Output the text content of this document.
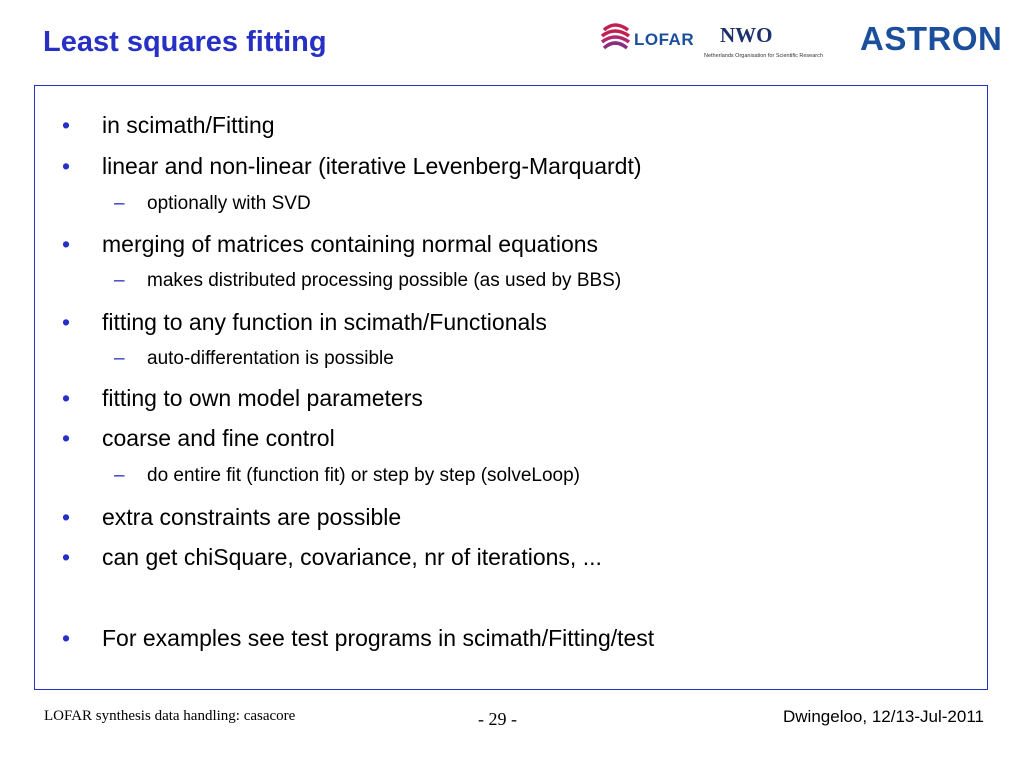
Least squares fitting	LOFAR NWO
Netherlands Organisation for Scientific Research ASTRON
• in scimath/Fitting
• linear and non-linear (iterative Levenberg-Marquardt)
– optionally with SVD
• merging of matrices containing normal equations
– makes distributed processing possible (as used by BBS)
• fitting to any function in scimath/Functionals
– auto-differentation is possible
• fitting to own model parameters
• coarse and fine control
– do entire fit (function fit) or step by step (solveLoop)
• extra constraints are possible
• can get chiSquare, covariance, nr of iterations, ...
• For examples see test programs in scimath/Fitting/test
LOFAR synthesis data handling: casacore	- 29 -	Dwingeloo, 12/13-Jul-2011
